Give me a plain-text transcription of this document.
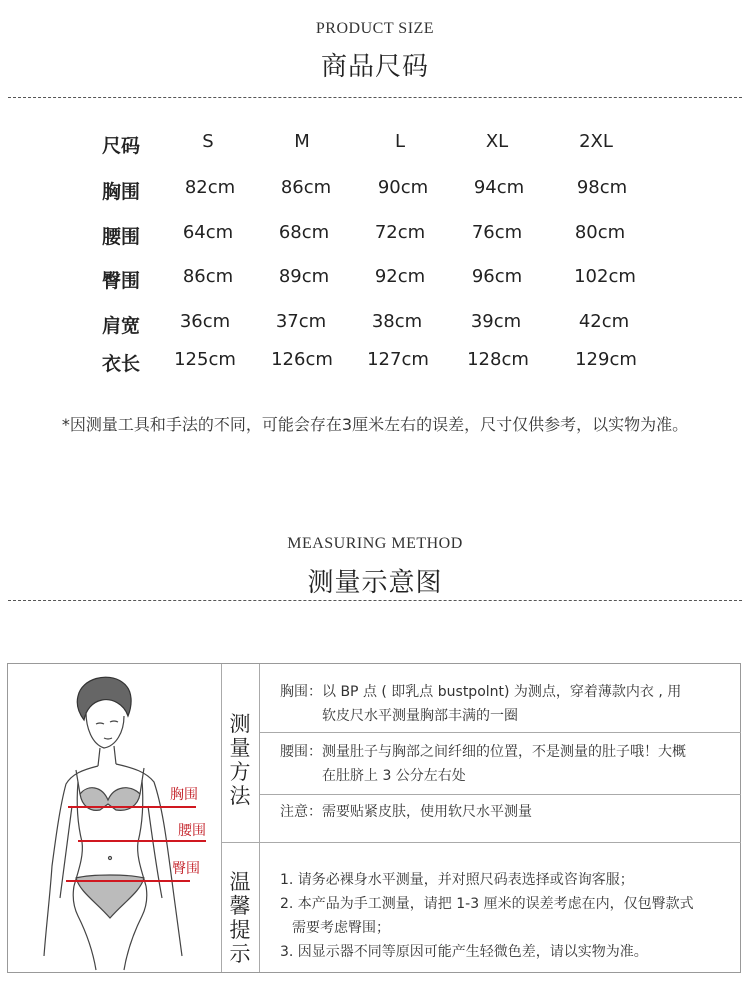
PRODUCT SIZE
商品尺码
尺码	S	M	L	XL	2XL
胸围 82cm	86cm	90cm	94cm	98cm
腰围 64cm	68cm	72cm	76cm	80cm
臀围 86cm	89cm	92cm	96cm	102cm
肩宽 36cm	37cm	38cm	39cm	42cm
衣长 125cm 126cm 127cm 128cm	129cm
*因测量工具和手法的不同，可能会存在3厘米左右的误差，尺寸仅供参考，以实物为准。
MEASURING METHOD
测量示意图
胸围
腰围
臀围
测量方法
温馨提示
胸围：以 BP 点 ( 即乳点 bustpolnt) 为测点，穿着薄款内衣 , 用
软皮尺水平测量胸部丰满的一圈
腰围：测量肚子与胸部之间纤细的位置，不是测量的肚子哦！大概
在肚脐上 3 公分左右处
注意：需要贴紧皮肤，使用软尺水平测量
1. 请务必裸身水平测量，并对照尺码表选择或咨询客服；
2. 本产品为手工测量，请把 1-3 厘米的误差考虑在内，仅包臀款式
需要考虑臀围；
3. 因显示器不同等原因可能产生轻微色差，请以实物为准。
